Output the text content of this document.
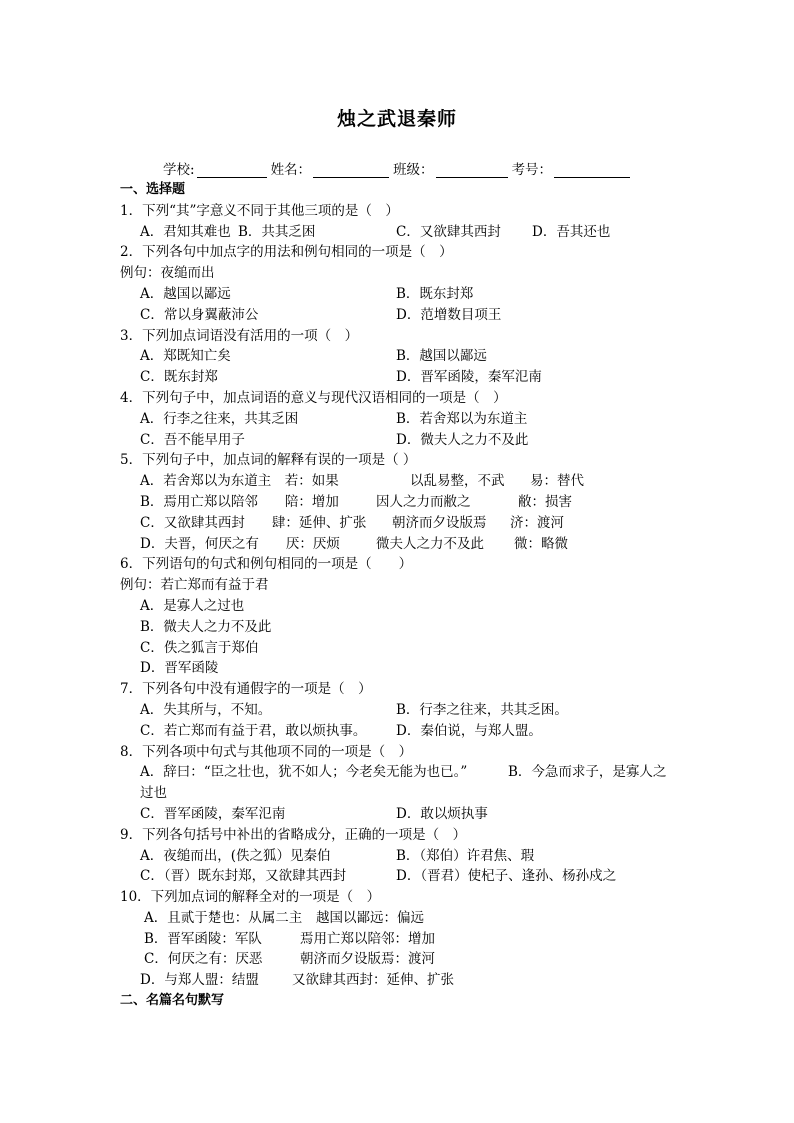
烛之武退秦师
学校:	姓名：	班级：	考号：
一、选择题
1．下列“其”字意义不同于其他三项的是（　）
A．君知其难也 B．共其乏困	C．又欲肆其西封 D．吾其还也
2．下列各句中加点字的用法和例句相同的一项是（　）
例句：夜缒而出
A．越国以鄙远	B．既东封郑
C．常以身翼蔽沛公	D．范增数目项王
3．下列加点词语没有活用的一项（　）
A．郑既知亡矣	B．越国以鄙远
C．既东封郑	D．晋军函陵，秦军氾南
4．下列句子中，加点词语的意义与现代汉语相同的一项是（　）
A．行李之往来，共其乏困	B．若舍郑以为东道主
C．吾不能早用子	D．微夫人之力不及此
5．下列句子中，加点词的解释有误的一项是（ ）
A．若舍郑以为东道主　若：如果	以乱易整，不武 易：替代
B．焉用亡郑以陪邻　　陪：增加	因人之力而敝之	敝：损害
C．又欲肆其西封　　肆：延伸、扩张 朝济而夕设版焉 济：渡河
D．夫晋，何厌之有　　厌：厌烦	微夫人之力不及此 微：略微
6．下列语句的句式和例句相同的一项是（　　）
例句：若亡郑而有益于君
A．是寡人之过也
B．微夫人之力不及此
C．佚之狐言于郑伯
D．晋军函陵
7．下列各句中没有通假字的一项是（　）
A．失其所与，不知。	B．行李之往来，共其乏困。
C．若亡郑而有益于君，敢以烦执事。 D．秦伯说，与郑人盟。
8．下列各项中句式与其他项不同的一项是（　）
A．辞曰：“臣之壮也，犹不如人；今老矣无能为也已。”	B．今急而求子，是寡人之
过也
C．晋军函陵，秦军氾南	D．敢以烦执事
9．下列各句括号中补出的省略成分，正确的一项是（　）
A．夜缒而出，(佚之狐）见秦伯	B．（郑伯）许君焦、瑕
C．（晋）既东封郑，又欲肆其西封	D．（晋君）使杞子、逢孙、杨孙戍之
10．下列加点词的解释全对的一项是（　）
A．且贰于楚也：从属二主 越国以鄙远：偏远
B．晋军函陵：军队	焉用亡郑以陪邻：增加
C．何厌之有：厌恶	朝济而夕设版焉：渡河
D．与郑人盟：结盟 又欲肆其西封：延伸、扩张
二、名篇名句默写
